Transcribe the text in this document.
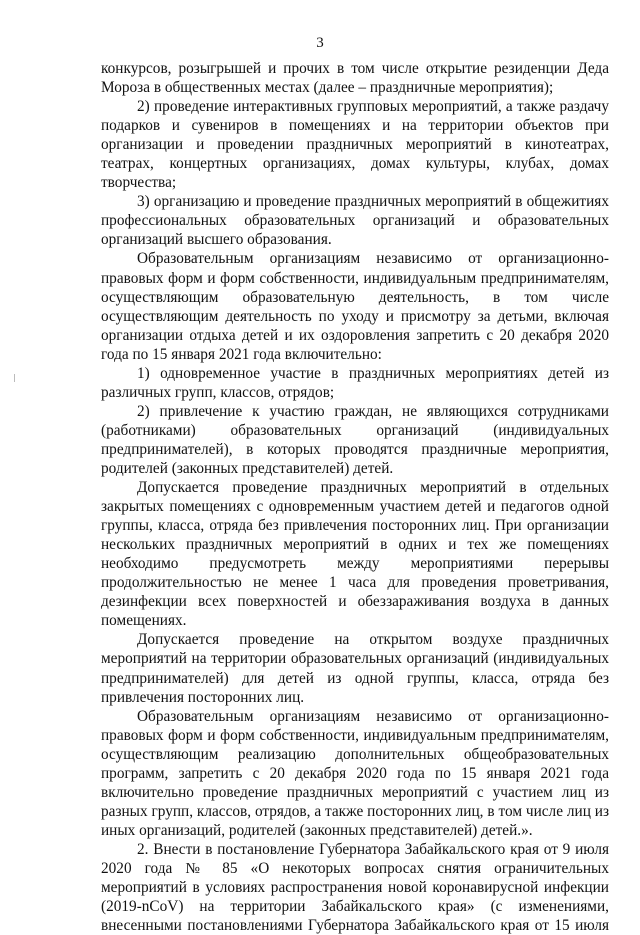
3

конкурсов, розыгрышей и прочих в том числе открытие резиденции Деда Мороза в общественных местах (далее – праздничные мероприятия);

2) проведение интерактивных групповых мероприятий, а также раздачу подарков и сувениров в помещениях и на территории объектов при организации и проведении праздничных мероприятий в кинотеатрах, театрах, концертных организациях, домах культуры, клубах, домах творчества;

3) организацию и проведение праздничных мероприятий в общежитиях профессиональных образовательных организаций и образовательных организаций высшего образования.

Образовательным организациям независимо от организационно-правовых форм и форм собственности, индивидуальным предпринимателям, осуществляющим образовательную деятельность, в том числе осуществляющим деятельность по уходу и присмотру за детьми, включая организации отдыха детей и их оздоровления запретить с 20 декабря 2020 года по 15 января 2021 года включительно:

1) одновременное участие в праздничных мероприятиях детей из различных групп, классов, отрядов;

2) привлечение к участию граждан, не являющихся сотрудниками (работниками) образовательных организаций (индивидуальных предпринимателей), в которых проводятся праздничные мероприятия, родителей (законных представителей) детей.

Допускается проведение праздничных мероприятий в отдельных закрытых помещениях с одновременным участием детей и педагогов одной группы, класса, отряда без привлечения посторонних лиц. При организации нескольких праздничных мероприятий в одних и тех же помещениях необходимо предусмотреть между мероприятиями перерывы продолжительностью не менее 1 часа для проведения проветривания, дезинфекции всех поверхностей и обеззараживания воздуха в данных помещениях.

Допускается проведение на открытом воздухе праздничных мероприятий на территории образовательных организаций (индивидуальных предпринимателей) для детей из одной группы, класса, отряда без привлечения посторонних лиц.

Образовательным организациям независимо от организационно-правовых форм и форм собственности, индивидуальным предпринимателям, осуществляющим реализацию дополнительных общеобразовательных программ, запретить с 20 декабря 2020 года по 15 января 2021 года включительно проведение праздничных мероприятий с участием лиц из разных групп, классов, отрядов, а также посторонних лиц, в том числе лиц из иных организаций, родителей (законных представителей) детей.».

2. Внести в постановление Губернатора Забайкальского края от 9 июля 2020 года № 85 «О некоторых вопросах снятия ограничительных мероприятий в условиях распространения новой коронавирусной инфекции (2019-nCoV) на территории Забайкальского края» (с изменениями, внесенными постановлениями Губернатора Забайкальского края от 15 июля
